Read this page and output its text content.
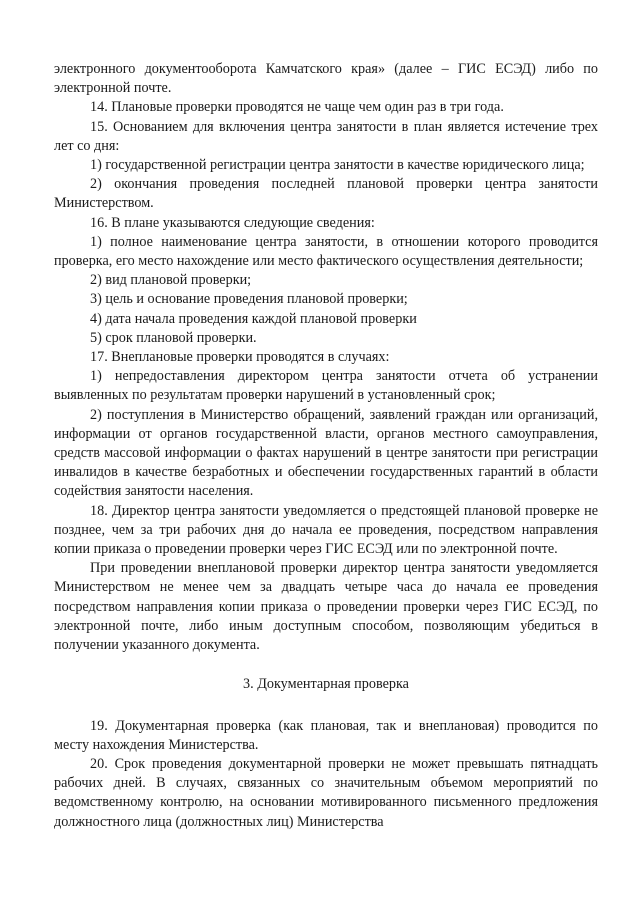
электронного документооборота Камчатского края» (далее – ГИС ЕСЭД) либо по электронной почте.

14. Плановые проверки проводятся не чаще чем один раз в три года.

15. Основанием для включения центра занятости в план является истечение трех лет со дня:

1) государственной регистрации центра занятости в качестве юридического лица;

2) окончания проведения последней плановой проверки центра занятости Министерством.

16. В плане указываются следующие сведения:

1) полное наименование центра занятости, в отношении которого проводится проверка, его место нахождение или место фактического осуществления деятельности;

2) вид плановой проверки;

3) цель и основание проведения плановой проверки;

4) дата начала проведения каждой плановой проверки

5) срок плановой проверки.

17. Внеплановые проверки проводятся в случаях:

1) непредоставления директором центра занятости отчета об устранении выявленных по результатам проверки нарушений в установленный срок;

2) поступления в Министерство обращений, заявлений граждан или организаций, информации от органов государственной власти, органов местного самоуправления, средств массовой информации о фактах нарушений в центре занятости при регистрации инвалидов в качестве безработных и обеспечении государственных гарантий в области содействия занятости населения.

18. Директор центра занятости уведомляется о предстоящей плановой проверке не позднее, чем за три рабочих дня до начала ее проведения, посредством направления копии приказа о проведении проверки через ГИС ЕСЭД или по электронной почте.

При проведении внеплановой проверки директор центра занятости уведомляется Министерством не менее чем за двадцать четыре часа до начала ее проведения посредством направления копии приказа о проведении проверки через ГИС ЕСЭД, по электронной почте, либо иным доступным способом, позволяющим убедиться в получении указанного документа.

3. Документарная проверка

19. Документарная проверка (как плановая, так и внеплановая) проводится по месту нахождения Министерства.

20. Срок проведения документарной проверки не может превышать пятнадцать рабочих дней. В случаях, связанных со значительным объемом мероприятий по ведомственному контролю, на основании мотивированного письменного предложения должностного лица (должностных лиц) Министерства
